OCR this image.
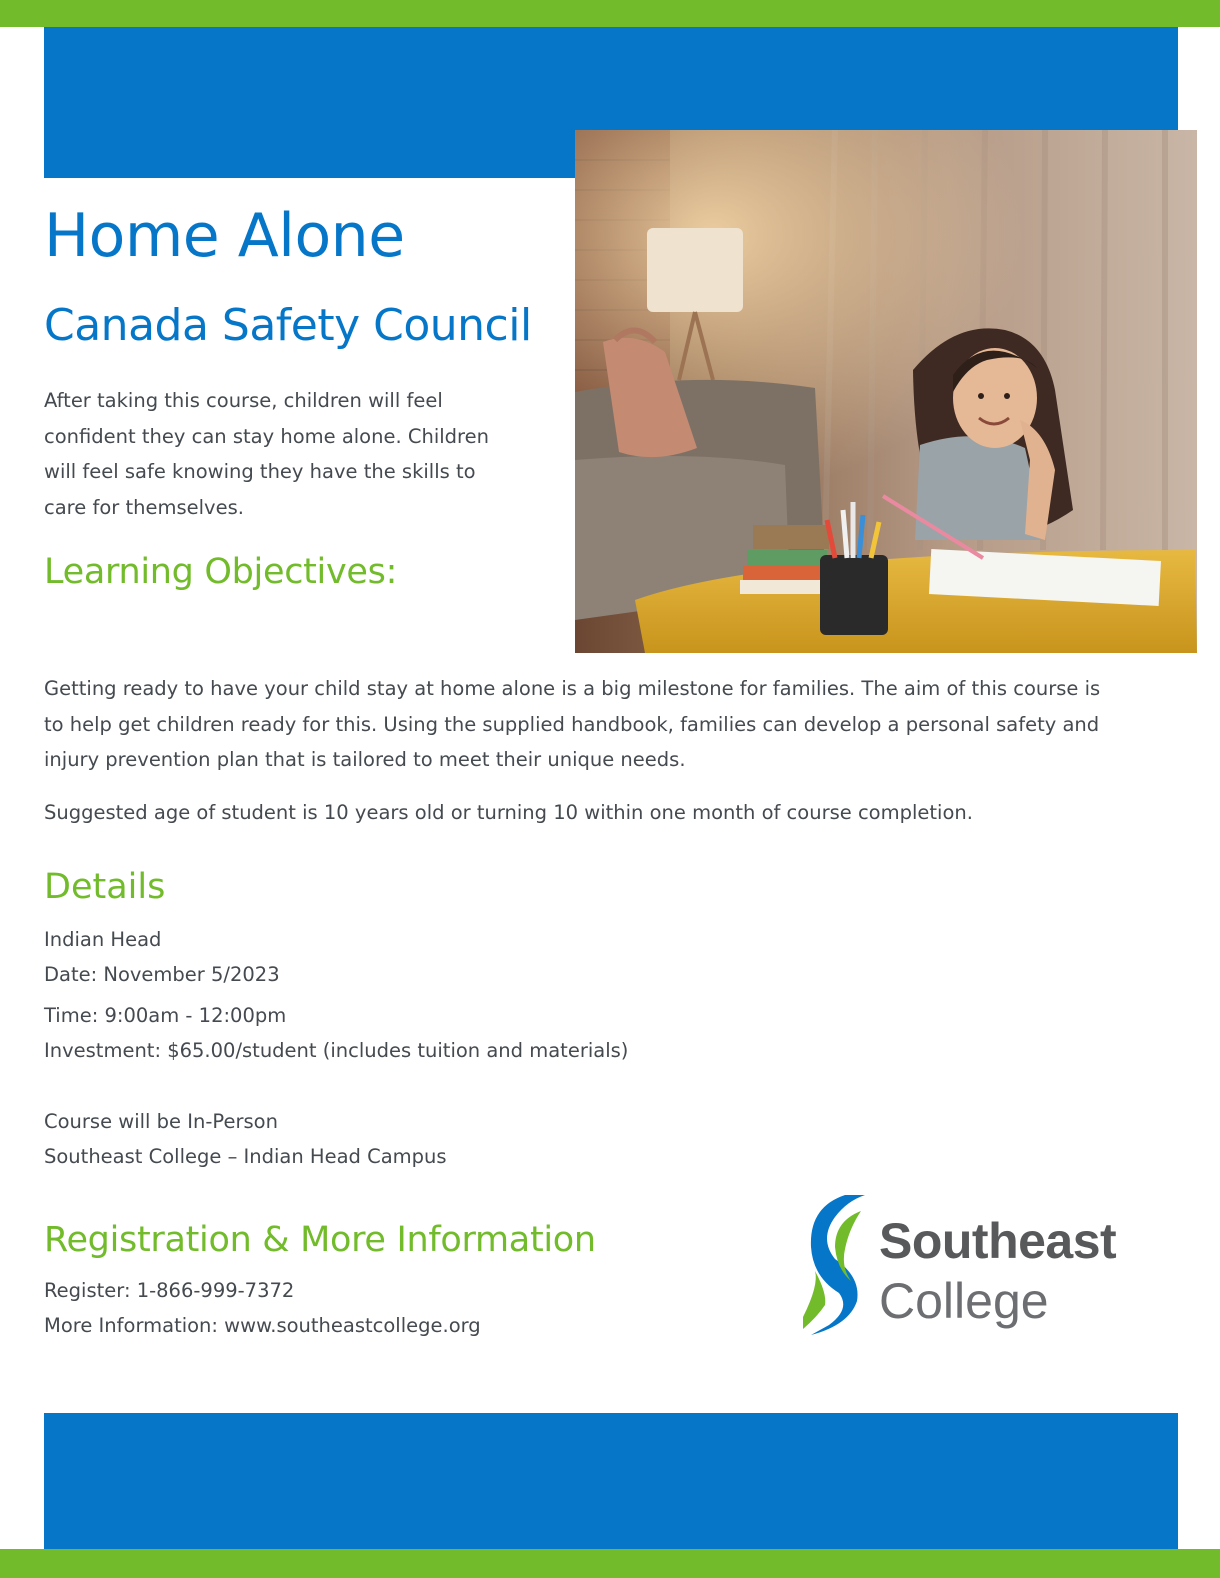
Home Alone
Canada Safety Council

After taking this course, children will feel confident they can stay home alone. Children will feel safe knowing they have the skills to care for themselves.

Learning Objectives:

Getting ready to have your child stay at home alone is a big milestone for families. The aim of this course is to help get children ready for this. Using the supplied handbook, families can develop a personal safety and injury prevention plan that is tailored to meet their unique needs.

Suggested age of student is 10 years old or turning 10 within one month of course completion.

Details

Indian Head

Date: November 5/2023

Time: 9:00am - 12:00pm

Investment: $65.00/student (includes tuition and materials)

Course will be In-Person

Southeast College – Indian Head Campus

Registration & More Information

Register: 1-866-999-7372

More Information: www.southeastcollege.org

Southeast
College
